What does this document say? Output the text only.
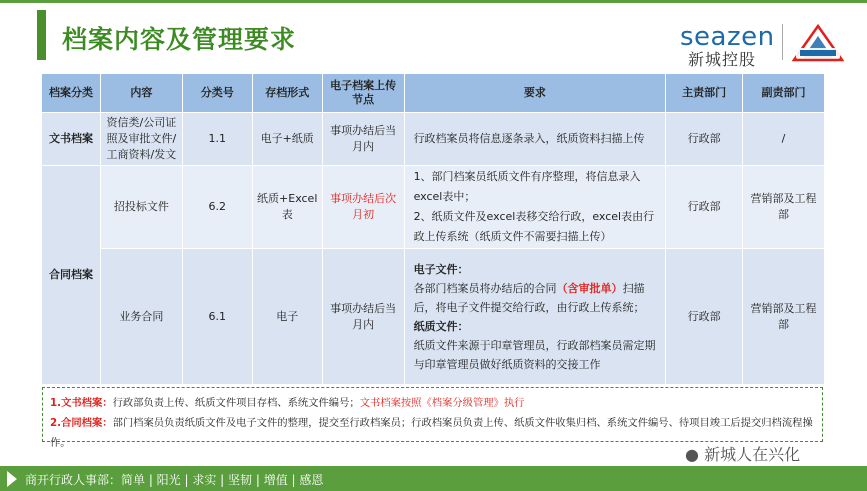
档案内容及管理要求	seazen
新城控股
档案分类	内容	分类号	存档形式	电子档案上传节点	要求	主责部门	副责部门
文书档案	资信类/公司证照及审批文件/工商资料/发文	1.1	电子+纸质	事项办结后当月内	行政档案员将信息逐条录入，纸质资料扫描上传	行政部	/
合同档案	招投标文件	6.2	纸质+Excel表	事项办结后次月初	1、部门档案员纸质文件有序整理，将信息录入excel表中；
2、纸质文件及excel表移交给行政，excel表由行政上传系统（纸质文件不需要扫描上传）	行政部	营销部及工程部
	业务合同	6.1	电子	事项办结后当月内	电子文件：
各部门档案员将办结后的合同（含审批单）扫描后，将电子文件提交给行政，由行政上传系统；
纸质文件：
纸质文件来源于印章管理员，行政部档案员需定期与印章管理员做好纸质资料的交接工作	行政部	营销部及工程部
1.文书档案：行政部负责上传、纸质文件项目存档、系统文件编号；文书档案按照《档案分级管理》执行
2.合同档案：部门档案员负责纸质文件及电子文件的整理，提交至行政档案员；行政档案员负责上传、纸质文件收集归档、系统文件编号、待项目竣工后提交归档流程操作。
● 新城人在兴化
商开行政人事部：简单 | 阳光 | 求实 | 坚韧 | 增值 | 感恩
